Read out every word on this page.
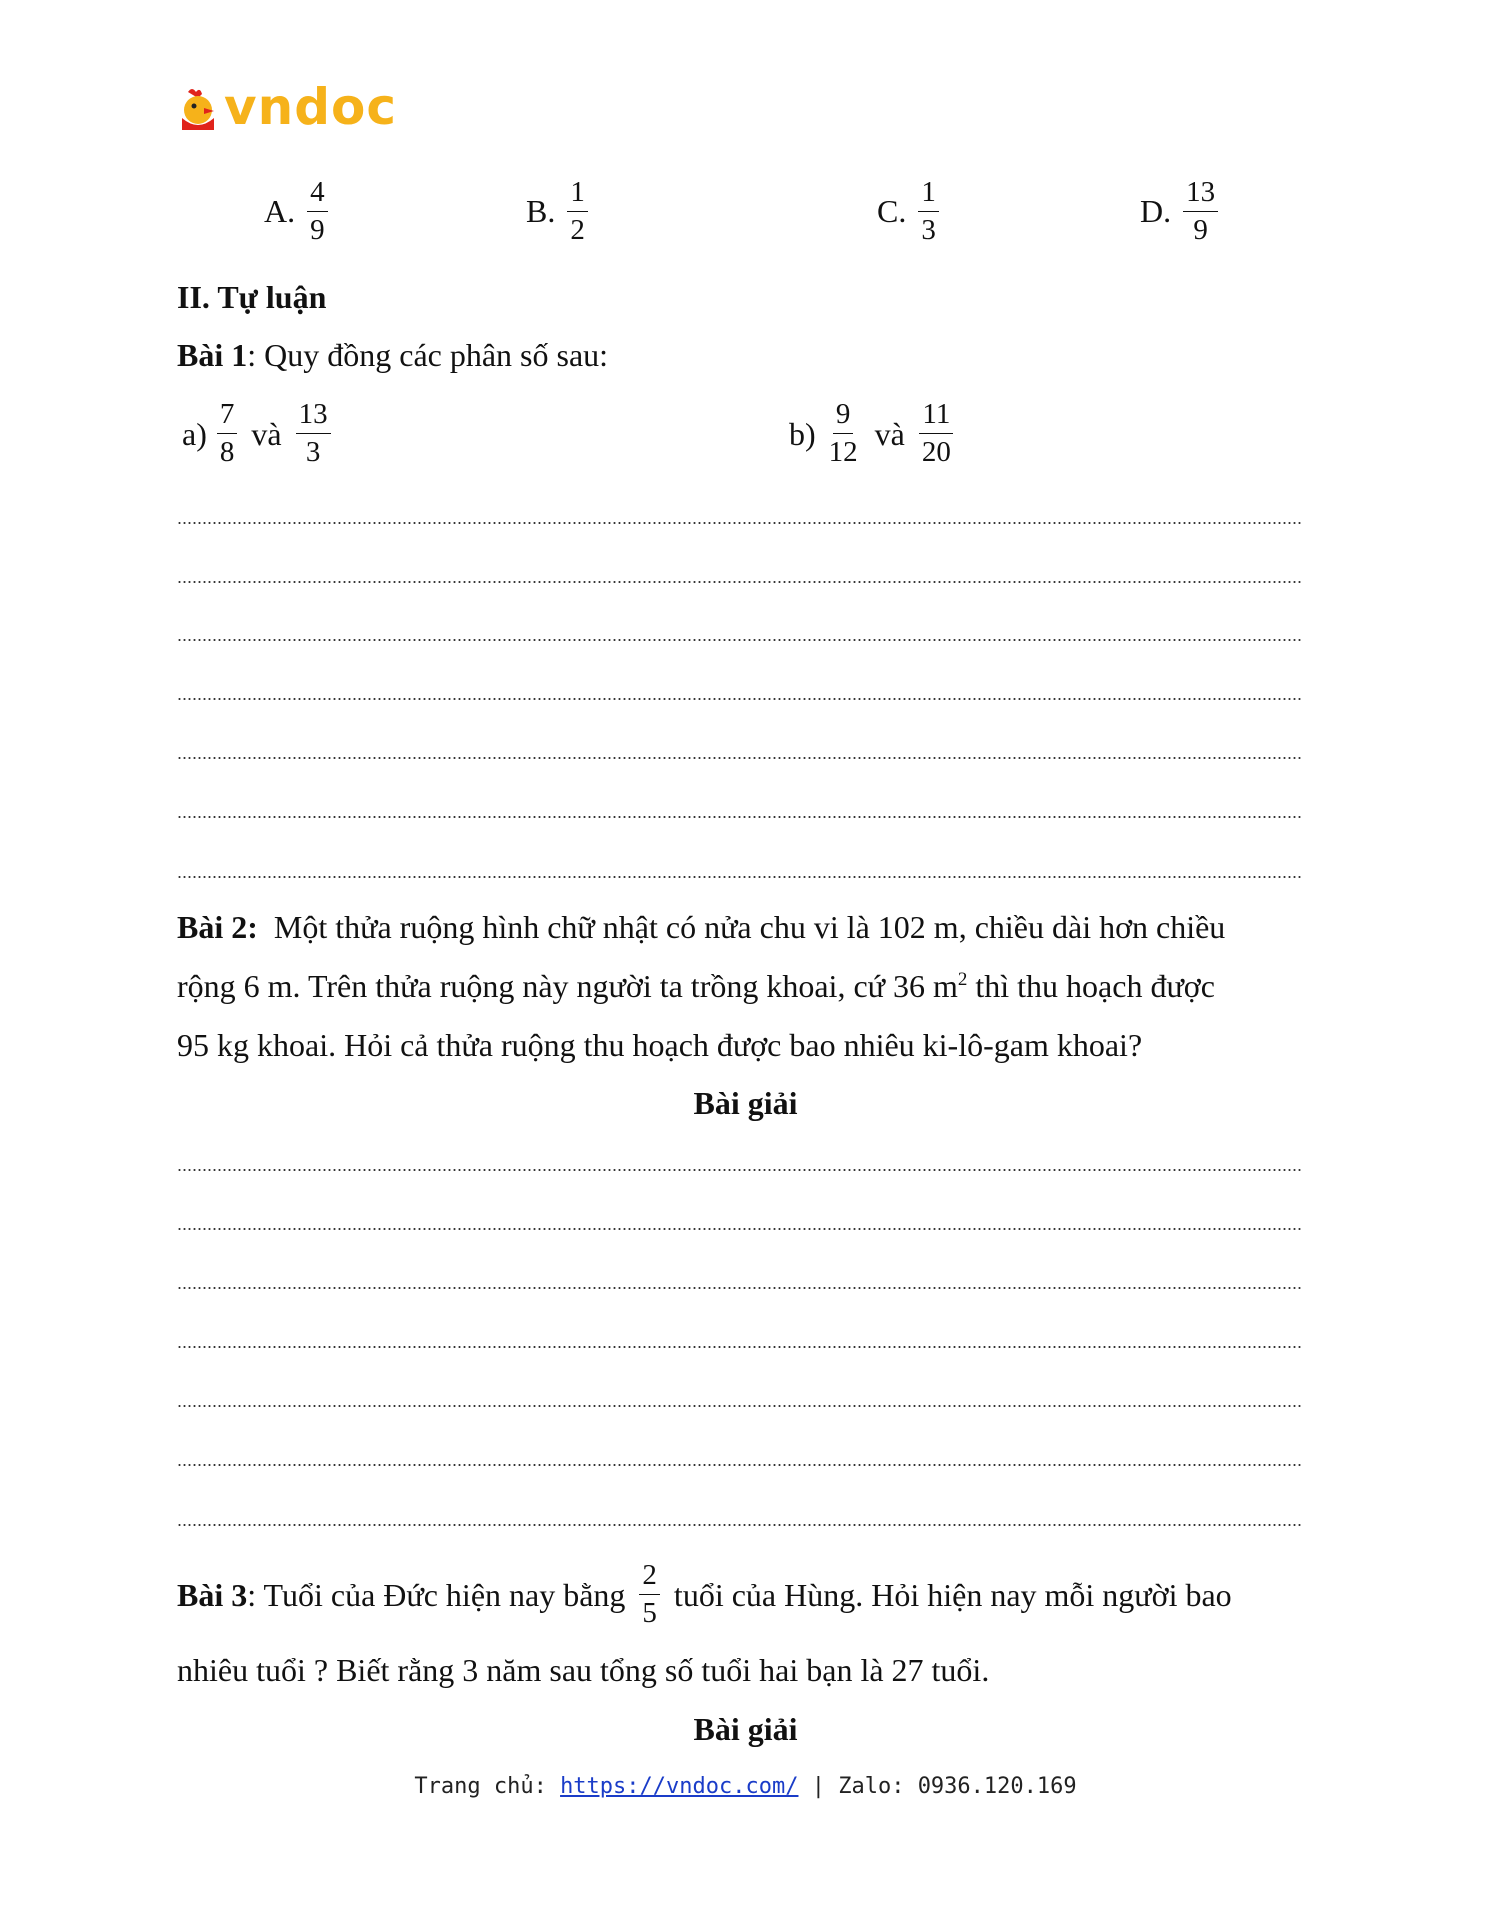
vndoc
A. $\frac{4}{9}$	B. $\frac{1}{2}$	C. $\frac{1}{3}$	D. $\frac{13}{9}$
II. Tự luận
Bài 1: Quy đồng các phân số sau:
$a) \frac{7}{8}$ và $\frac{13}{3}$	$b) \frac{9}{12}$ và $\frac{11}{20}$
Bài 2: Một thửa ruộng hình chữ nhật có nửa chu vi là 102 m, chiều dài hơn chiều
rộng 6 m. Trên thửa ruộng này người ta trồng khoai, cứ 36 $m^2$ thì thu hoạch được
95 kg khoai. Hỏi cả thửa ruộng thu hoạch được bao nhiêu ki-lô-gam khoai?
Bài giải
Bài 3 : Tuổi của Đức hiện nay bằng $\frac{2}{5}$ tuổi của Hùng. Hỏi hiện nay mỗi người bao
nhiêu tuổi ? Biết rằng 3 năm sau tổng số tuổi hai bạn là 27 tuổi.
Bài giải
Trang chủ: https://vndoc.com/ | Zalo: 0936.120.169
